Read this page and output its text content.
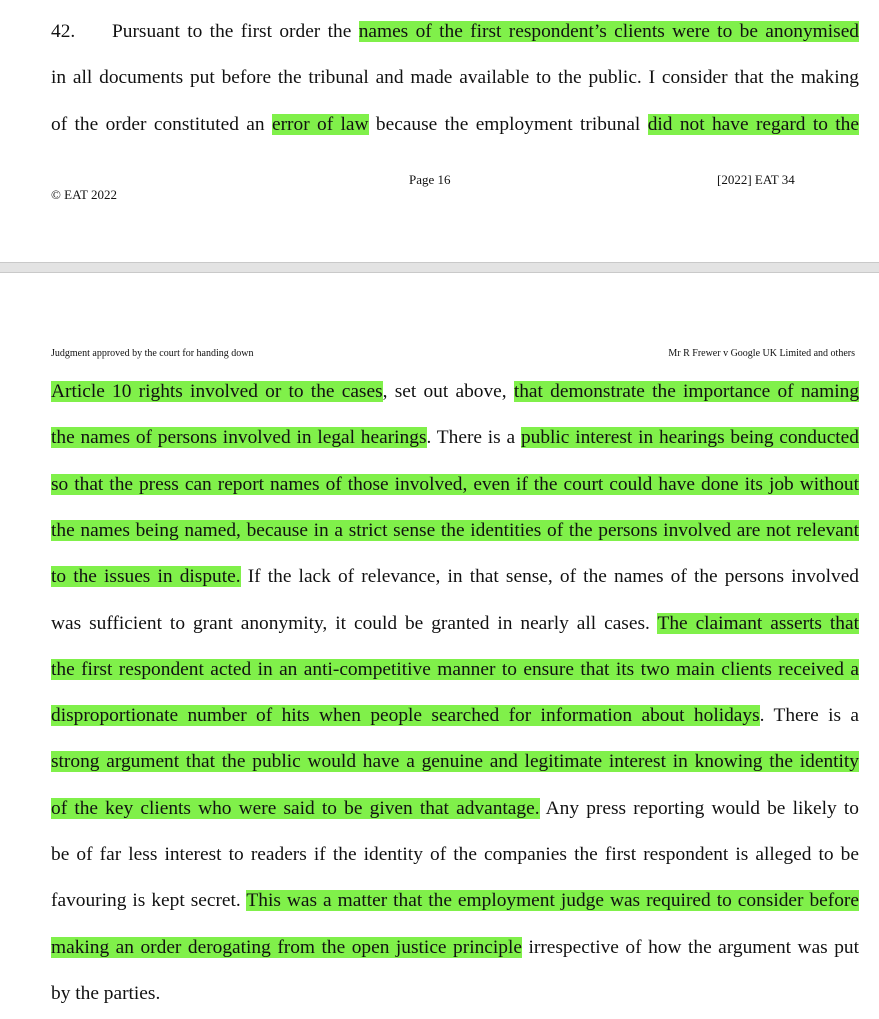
42. Pursuant to the first order the names of the first respondent’s clients were to be anonymised
in all documents put before the tribunal and made available to the public. I consider that the making
of the order constituted an error of law because the employment tribunal did not have regard to the
Page 16	[2022] EAT 34
© EAT 2022
Judgment approved by the court for handing down	Mr R Frewer v Google UK Limited and others
Article 10 rights involved or to the cases, set out above, that demonstrate the importance of naming
the names of persons involved in legal hearings. There is a public interest in hearings being conducted
so that the press can report names of those involved, even if the court could have done its job without
the names being named, because in a strict sense the identities of the persons involved are not relevant
to the issues in dispute. If the lack of relevance, in that sense, of the names of the persons involved
was sufficient to grant anonymity, it could be granted in nearly all cases. The claimant asserts that
the first respondent acted in an anti-competitive manner to ensure that its two main clients received a
disproportionate number of hits when people searched for information about holidays. There is a
strong argument that the public would have a genuine and legitimate interest in knowing the identity
of the key clients who were said to be given that advantage. Any press reporting would be likely to
be of far less interest to readers if the identity of the companies the first respondent is alleged to be
favouring is kept secret. This was a matter that the employment judge was required to consider before
making an order derogating from the open justice principle irrespective of how the argument was put
by the parties.
